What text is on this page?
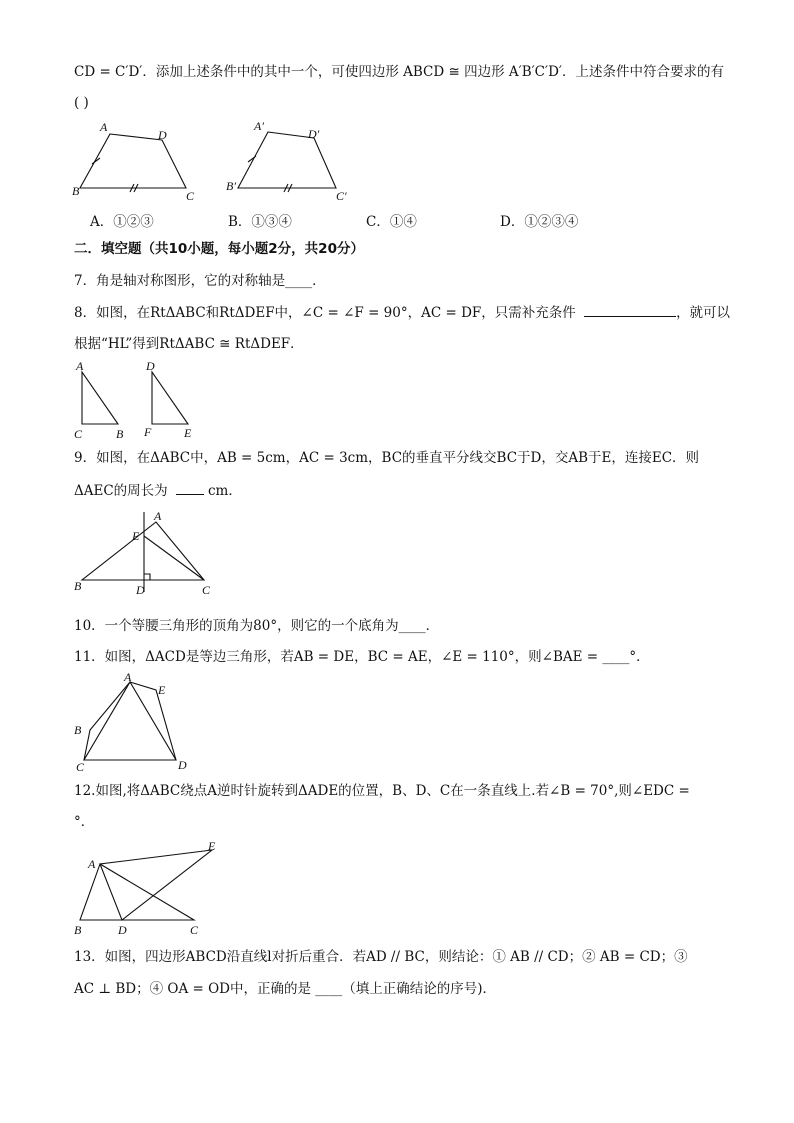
CD = C′D′．添加上述条件中的其中一个，可使四边形 ABCD ≅ 四边形 A′B′C′D′．上述条件中符合要求的有
( )
A
D
B	C
A′
D′
B′
C′
A．①②③	B．①③④	C．①④	D．①②③④
二．填空题（共10小题，每小题2分，共20分）
7．角是轴对称图形，它的对称轴是____．
8．如图，在RtΔABC和RtΔDEF中，∠C = ∠F = 90°，AC = DF，只需补充条件	，就可以
根据“HL”得到RtΔABC ≅ RtΔDEF．
A
C	B
D
F	E
9．如图，在ΔABC中，AB = 5cm，AC = 3cm，BC的垂直平分线交BC于D，交AB于E，连接EC．则
ΔAEC的周长为	cm．
E
A
B	D	C
10．一个等腰三角形的顶角为80°，则它的一个底角为____．
11．如图，ΔACD是等边三角形，若AB = DE，BC = AE，∠E = 110°，则∠BAE = ____°．
A
E
B
C	D
12.如图,将ΔABC绕点A逆时针旋转到ΔADE的位置，B、D、C在一条直线上.若∠B = 70°,则∠EDC =
°．
A
E
B	D	C
13．如图，四边形ABCD沿直线l对折后重合．若AD // BC，则结论：① AB // CD；② AB = CD；③
AC ⊥ BD；④ OA = OD中，正确的是 ____（填上正确结论的序号)．
